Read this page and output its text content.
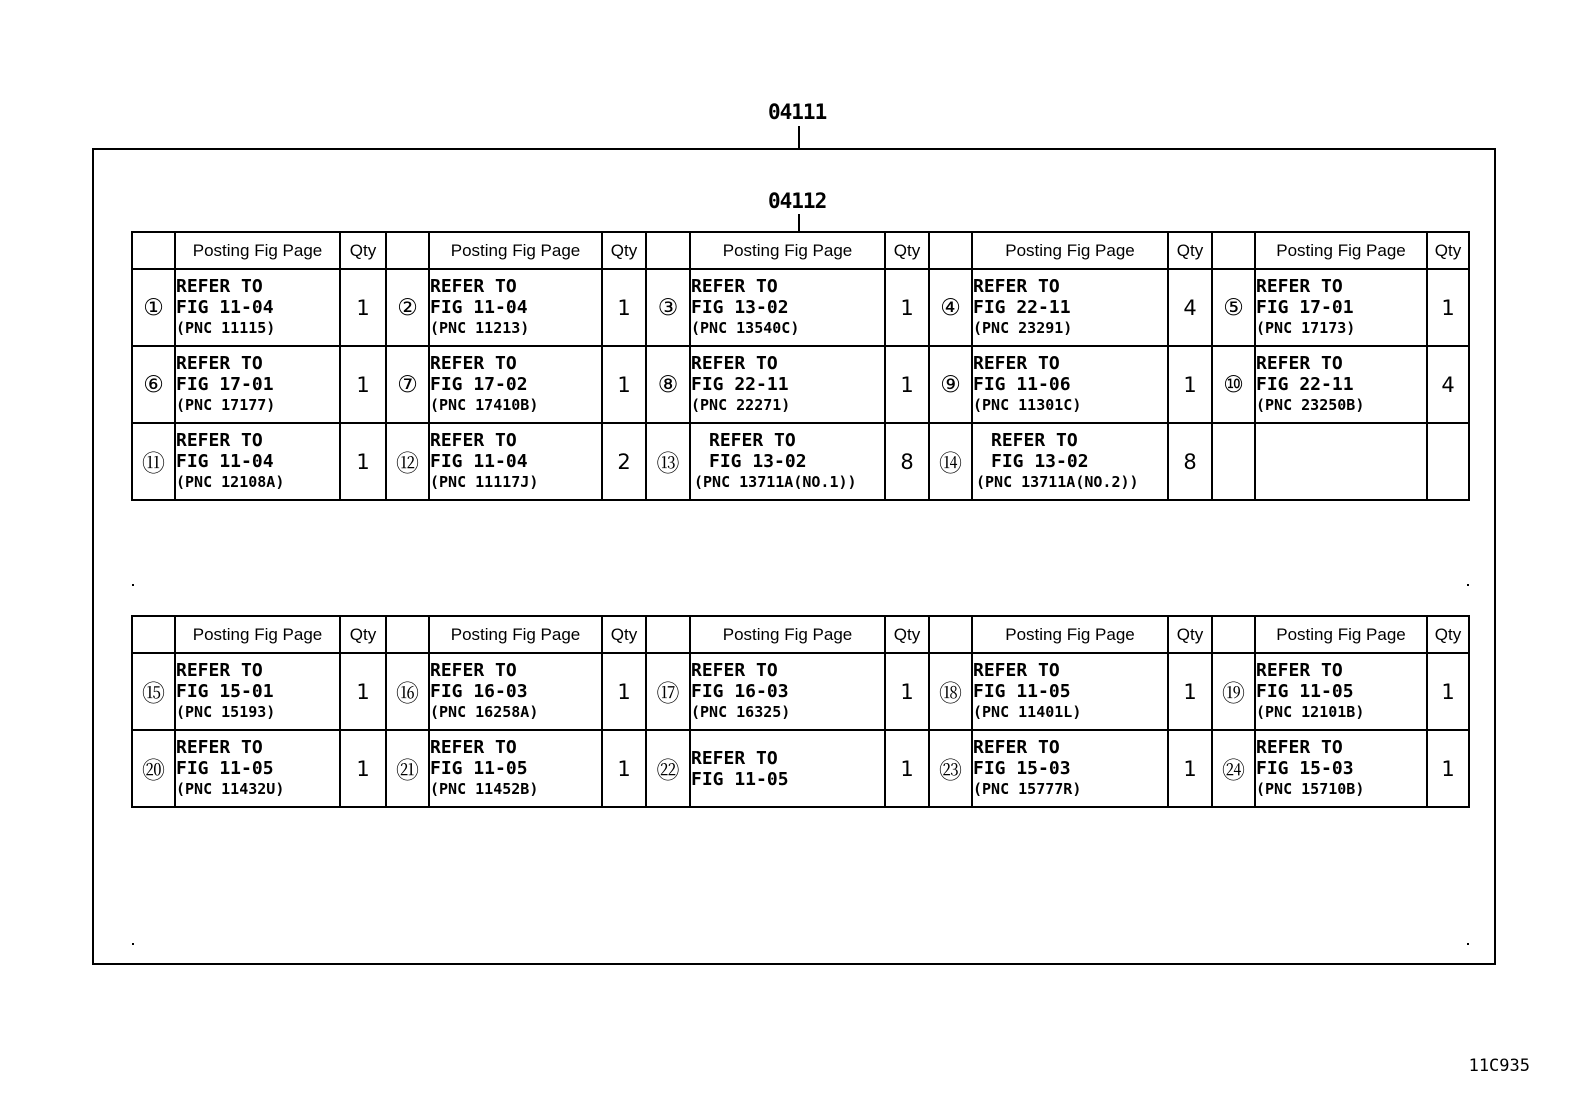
04111
04112
	Posting Fig Page	Qty		Posting Fig Page	Qty		Posting Fig Page	Qty		Posting Fig Page	Qty		Posting Fig Page	Qty
①	REFER TO
FIG 11-04
(PNC 11115)	1	②	REFER TO
FIG 11-04
(PNC 11213)	1	③	REFER TO
FIG 13-02
(PNC 13540C)	1	④	REFER TO
FIG 22-11
(PNC 23291)	4	⑤	REFER TO
FIG 17-01
(PNC 17173)	1
⑥	REFER TO
FIG 17-01
(PNC 17177)	1	⑦	REFER TO
FIG 17-02
(PNC 17410B)	1	⑧	REFER TO
FIG 22-11
(PNC 22271)	1	⑨	REFER TO
FIG 11-06
(PNC 11301C)	1	⑩	REFER TO
FIG 22-11
(PNC 23250B)	4
⑪	REFER TO
FIG 11-04
(PNC 12108A)	1	⑫	REFER TO
FIG 11-04
(PNC 11117J)	2	⑬	REFER TO
FIG 13-02
(PNC 13711A(NO.1))	8	⑭	REFER TO
FIG 13-02
(PNC 13711A(NO.2))	8		

	Posting Fig Page	Qty		Posting Fig Page	Qty		Posting Fig Page	Qty		Posting Fig Page	Qty		Posting Fig Page	Qty
⑮	REFER TO
FIG 15-01
(PNC 15193)	1	⑯	REFER TO
FIG 16-03
(PNC 16258A)	1	⑰	REFER TO
FIG 16-03
(PNC 16325)	1	⑱	REFER TO
FIG 11-05
(PNC 11401L)	1	⑲	REFER TO
FIG 11-05
(PNC 12101B)	1
⑳	REFER TO
FIG 11-05
(PNC 11432U)	1	㉑	REFER TO
FIG 11-05
(PNC 11452B)	1	㉒	REFER TO
FIG 11-05	1	㉓	REFER TO
FIG 15-03
(PNC 15777R)	1	㉔	REFER TO
FIG 15-03
(PNC 15710B)	1
11C935
